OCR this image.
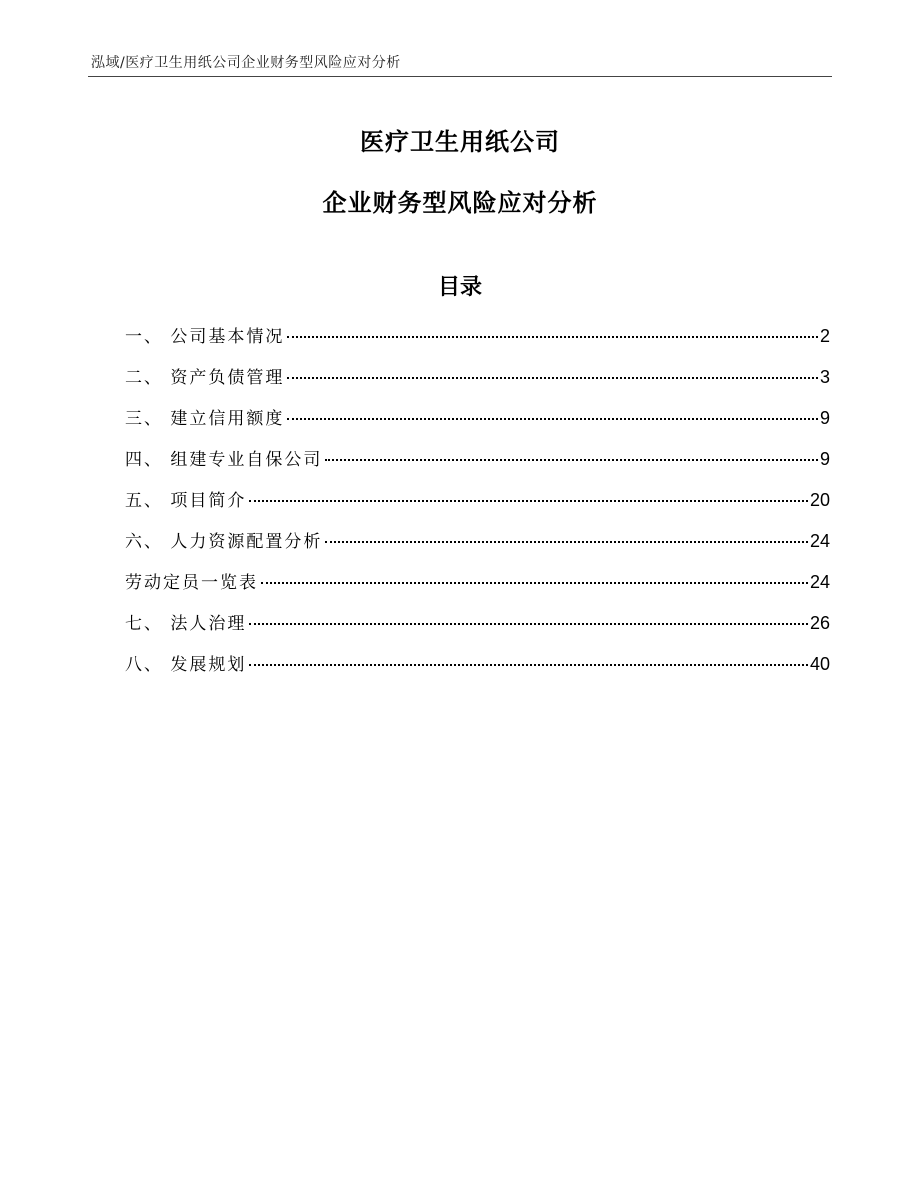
泓域/医疗卫生用纸公司企业财务型风险应对分析
医疗卫生用纸公司
企业财务型风险应对分析
目录
一、 公司基本情况	2
二、 资产负债管理	3
三、 建立信用额度	9
四、 组建专业自保公司	9
五、 项目简介	20
六、 人力资源配置分析	24
劳动定员一览表	24
七、 法人治理	26
八、 发展规划	40
